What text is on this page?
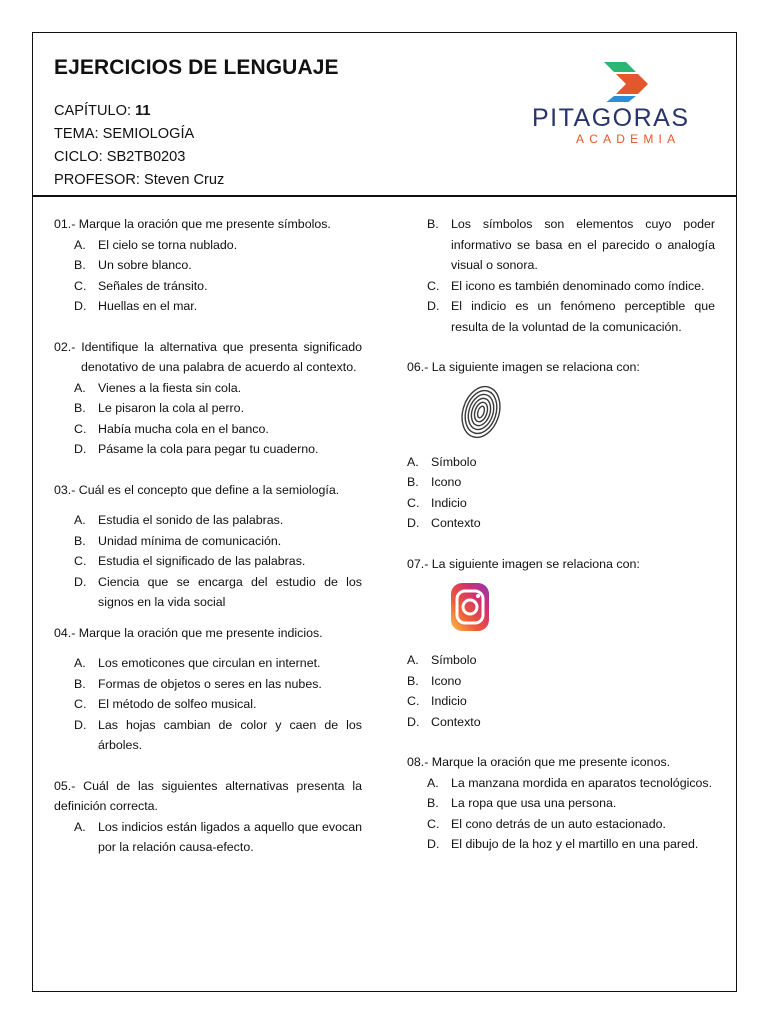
EJERCICIOS DE LENGUAJE
CAPÍTULO: 11
TEMA: SEMIOLOGÍA
CICLO: SB2TB0203
PROFESOR: Steven Cruz
PITAGORAS
ACADEMIA
01.- Marque la oración que me presente símbolos.
A. El cielo se torna nublado.
B. Un sobre blanco.
C. Señales de tránsito.
D. Huellas en el mar.
02.- Identifique la alternativa que presenta significado denotativo de una palabra de acuerdo al contexto.
A. Vienes a la fiesta sin cola.
B. Le pisaron la cola al perro.
C. Había mucha cola en el banco.
D. Pásame la cola para pegar tu cuaderno.
03.- Cuál es el concepto que define a la semiología.
A. Estudia el sonido de las palabras.
B. Unidad mínima de comunicación.
C. Estudia el significado de las palabras.
D. Ciencia que se encarga del estudio de los signos en la vida social
04.- Marque la oración que me presente indicios.
A. Los emoticones que circulan en internet.
B. Formas de objetos o seres en las nubes.
C. El método de solfeo musical.
D. Las hojas cambian de color y caen de los árboles.
05.- Cuál de las siguientes alternativas presenta la definición correcta.
A. Los indicios están ligados a aquello que evocan por la relación causa-efecto.
B. Los símbolos son elementos cuyo poder informativo se basa en el parecido o analogía visual o sonora.
C. El icono es también denominado como índice.
D. El indicio es un fenómeno perceptible que resulta de la voluntad de la comunicación.
06.- La siguiente imagen se relaciona con:
A. Símbolo
B. Icono
C. Indicio
D. Contexto
07.- La siguiente imagen se relaciona con:
A. Símbolo
B. Icono
C. Indicio
D. Contexto
08.- Marque la oración que me presente iconos.
A. La manzana mordida en aparatos tecnológicos.
B. La ropa que usa una persona.
C. El cono detrás de un auto estacionado.
D. El dibujo de la hoz y el martillo en una pared.
